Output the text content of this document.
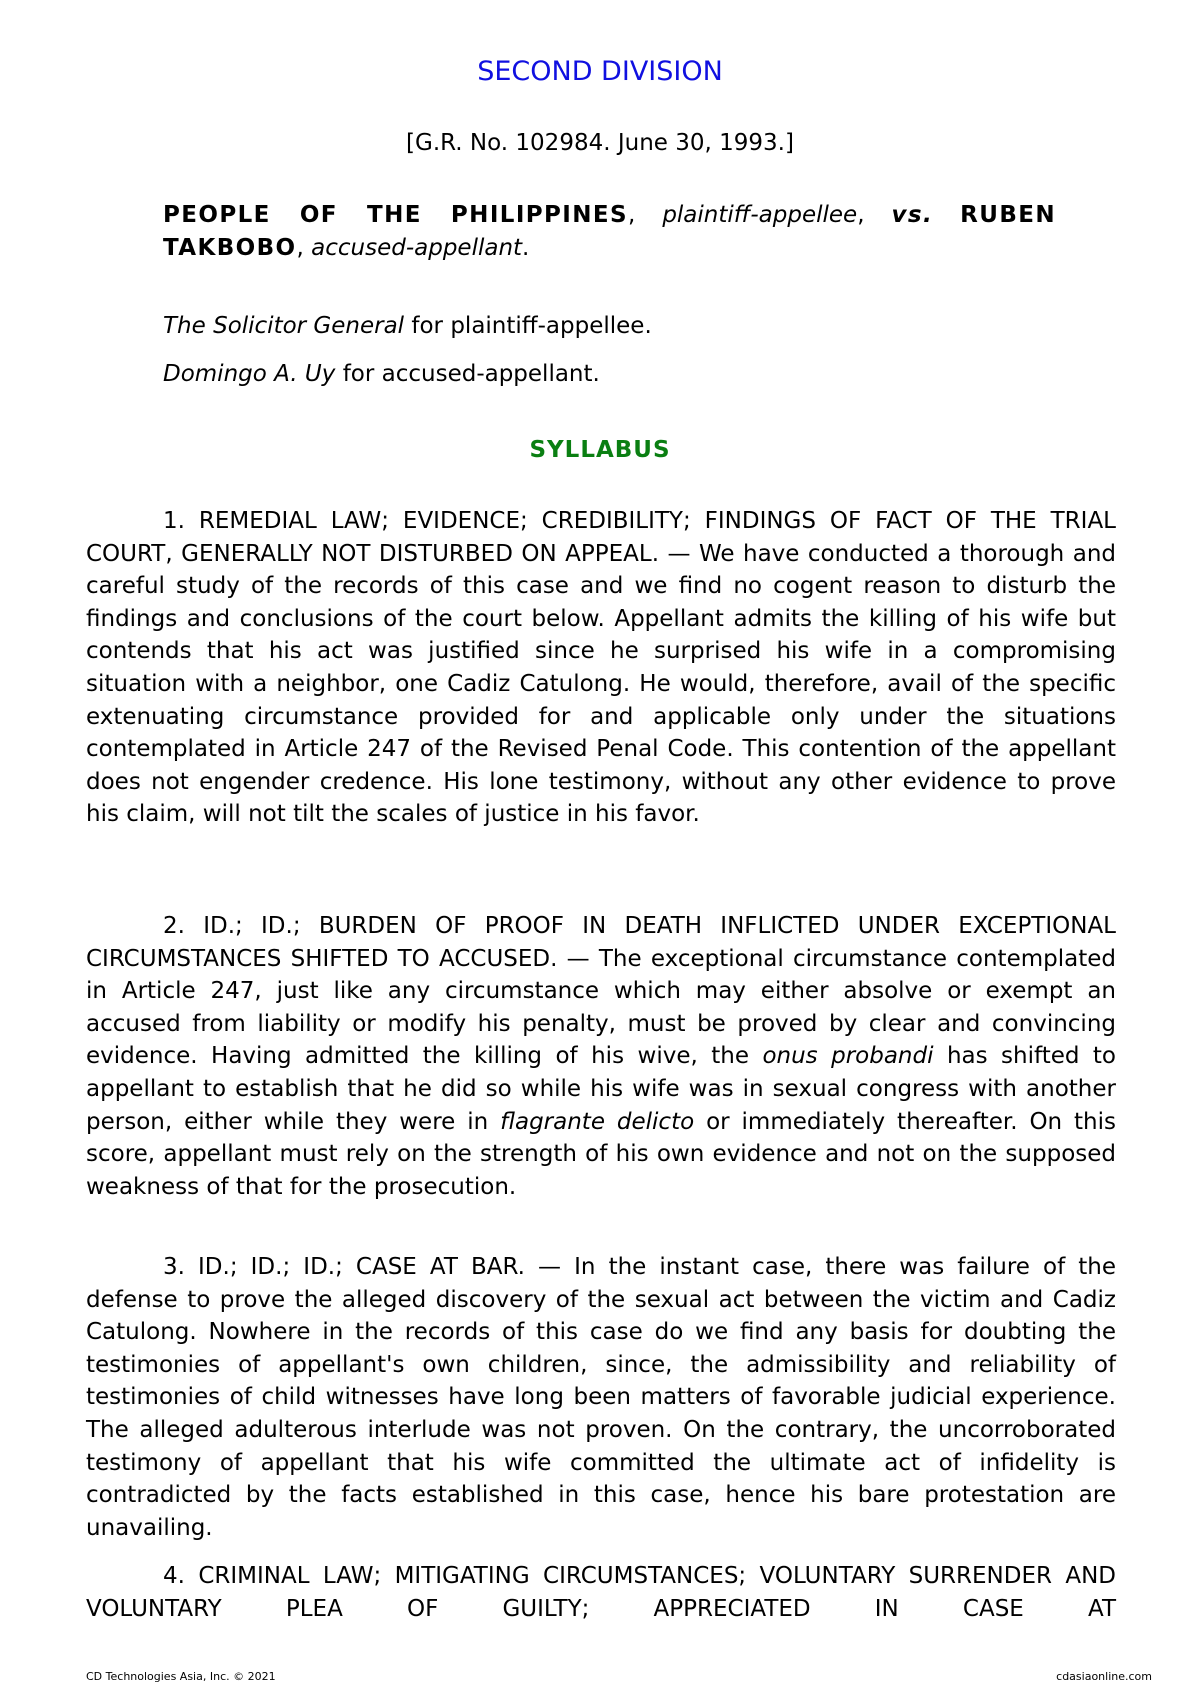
SECOND DIVISION
[G.R. No. 102984. June 30, 1993.]
PEOPLE OF THE PHILIPPINES, plaintiff-appellee, vs. RUBEN TAKBOBO, accused-appellant.
The Solicitor General for plaintiff-appellee.
Domingo A. Uy for accused-appellant.
SYLLABUS

1. REMEDIAL LAW; EVIDENCE; CREDIBILITY; FINDINGS OF FACT OF THE TRIAL COURT, GENERALLY NOT DISTURBED ON APPEAL. — We have conducted a thorough and careful study of the records of this case and we find no cogent reason to disturb the findings and conclusions of the court below. Appellant admits the killing of his wife but contends that his act was justified since he surprised his wife in a compromising situation with a neighbor, one Cadiz Catulong. He would, therefore, avail of the specific extenuating circumstance provided for and applicable only under the situations contemplated in Article 247 of the Revised Penal Code. This contention of the appellant does not engender credence. His lone testimony, without any other evidence to prove his claim, will not tilt the scales of justice in his favor.

2. ID.; ID.; BURDEN OF PROOF IN DEATH INFLICTED UNDER EXCEPTIONAL CIRCUMSTANCES SHIFTED TO ACCUSED. — The exceptional circumstance contemplated in Article 247, just like any circumstance which may either absolve or exempt an accused from liability or modify his penalty, must be proved by clear and convincing evidence. Having admitted the killing of his wive, the onus probandi has shifted to appellant to establish that he did so while his wife was in sexual congress with another person, either while they were in flagrante delicto or immediately thereafter. On this score, appellant must rely on the strength of his own evidence and not on the supposed weakness of that for the prosecution.

3. ID.; ID.; ID.; CASE AT BAR. — In the instant case, there was failure of the defense to prove the alleged discovery of the sexual act between the victim and Cadiz Catulong. Nowhere in the records of this case do we find any basis for doubting the testimonies of appellant's own children, since, the admissibility and reliability of testimonies of child witnesses have long been matters of favorable judicial experience. The alleged adulterous interlude was not proven. On the contrary, the uncorroborated testimony of appellant that his wife committed the ultimate act of infidelity is contradicted by the facts established in this case, hence his bare protestation are unavailing.

4. CRIMINAL LAW; MITIGATING CIRCUMSTANCES; VOLUNTARY SURRENDER AND VOLUNTARY PLEA OF GUILTY; APPRECIATED IN CASE AT

CD Technologies Asia, Inc. © 2021	cdasiaonline.com
